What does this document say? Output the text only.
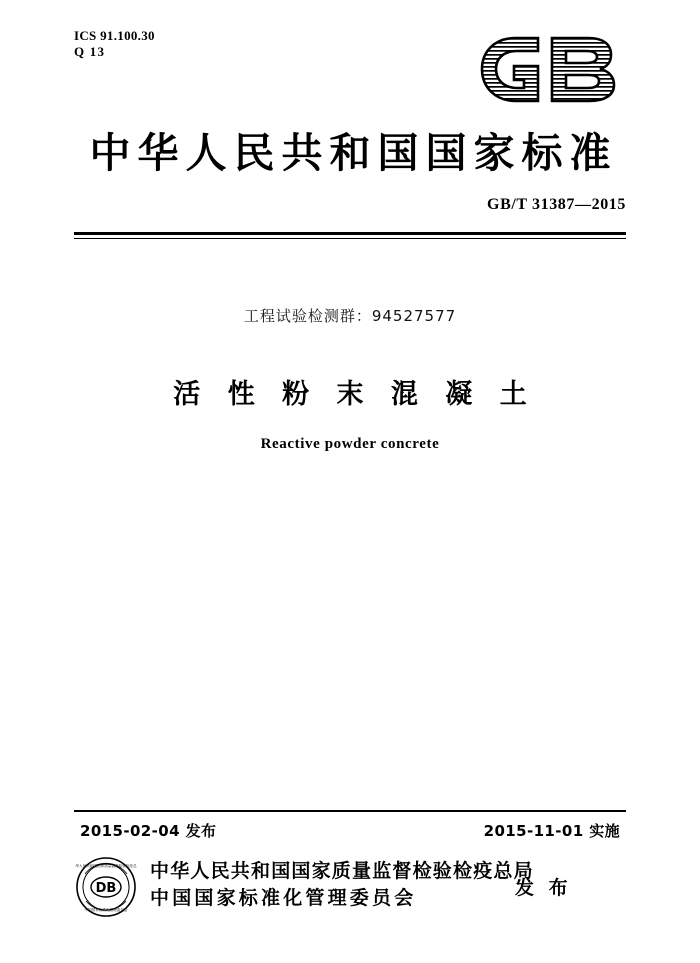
ICS 91.100.30
Q 13
中华人民共和国国家标准
GB/T 31387—2015
工程试验检测群：94527577
活 性 粉 末 混 凝 土
Reactive powder concrete
2015-02-04 发布	2015-11-01 实施
DB
中华人民共和国国家质量监督检验检疫总局
中国国家标准化管理委员会
中华人民共和国国家质量监督检验检疫总局
中国国家标准化管理委员会	发 布
